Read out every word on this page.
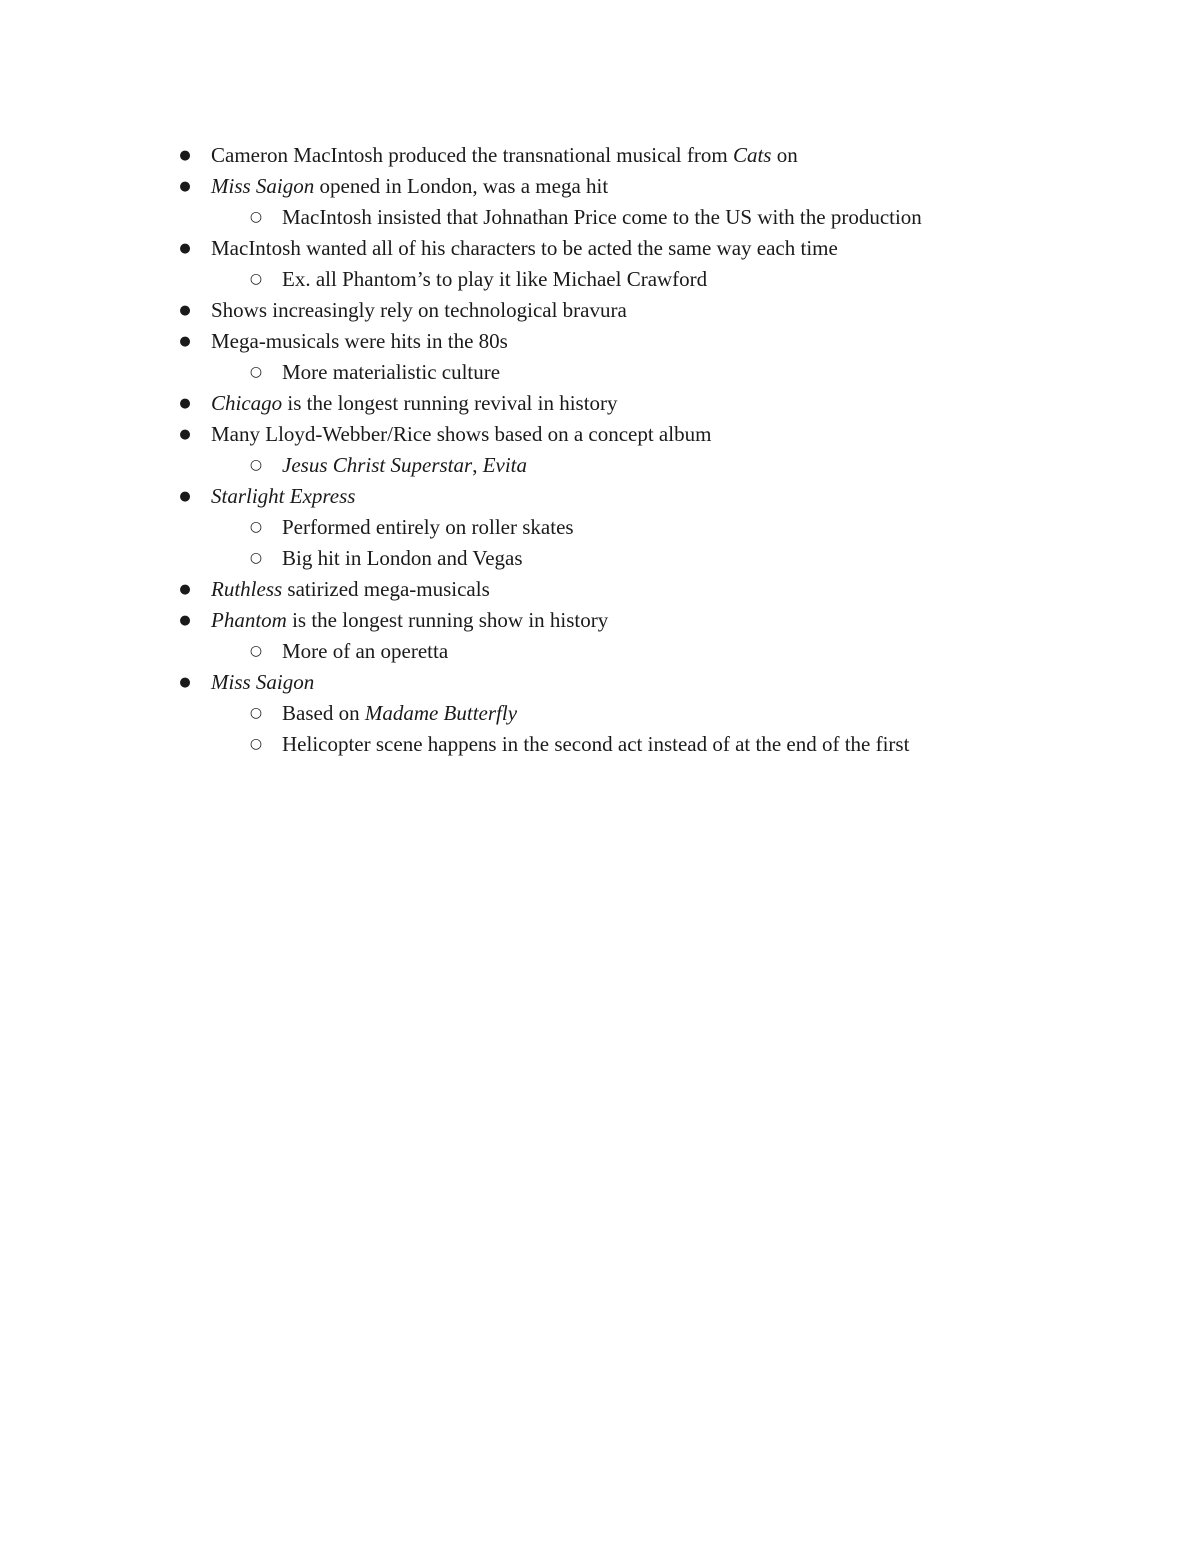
●
Cameron MacIntosh produced the transnational musical from Cats on
●
Miss Saigon opened in London, was a mega hit
○
MacIntosh insisted that Johnathan Price come to the US with the production
●
MacIntosh wanted all of his characters to be acted the same way each time
○
Ex. all Phantom’s to play it like Michael Crawford
●
Shows increasingly rely on technological bravura
●
Mega-musicals were hits in the 80s
○
More materialistic culture
●
Chicago is the longest running revival in history
●
Many Lloyd-Webber/Rice shows based on a concept album
○
Jesus Christ Superstar, Evita
●
Starlight Express
○
Performed entirely on roller skates
○
Big hit in London and Vegas
●
Ruthless satirized mega-musicals
●
Phantom is the longest running show in history
○
More of an operetta
●
Miss Saigon
○
Based on Madame Butterfly
○
Helicopter scene happens in the second act instead of at the end of the first
